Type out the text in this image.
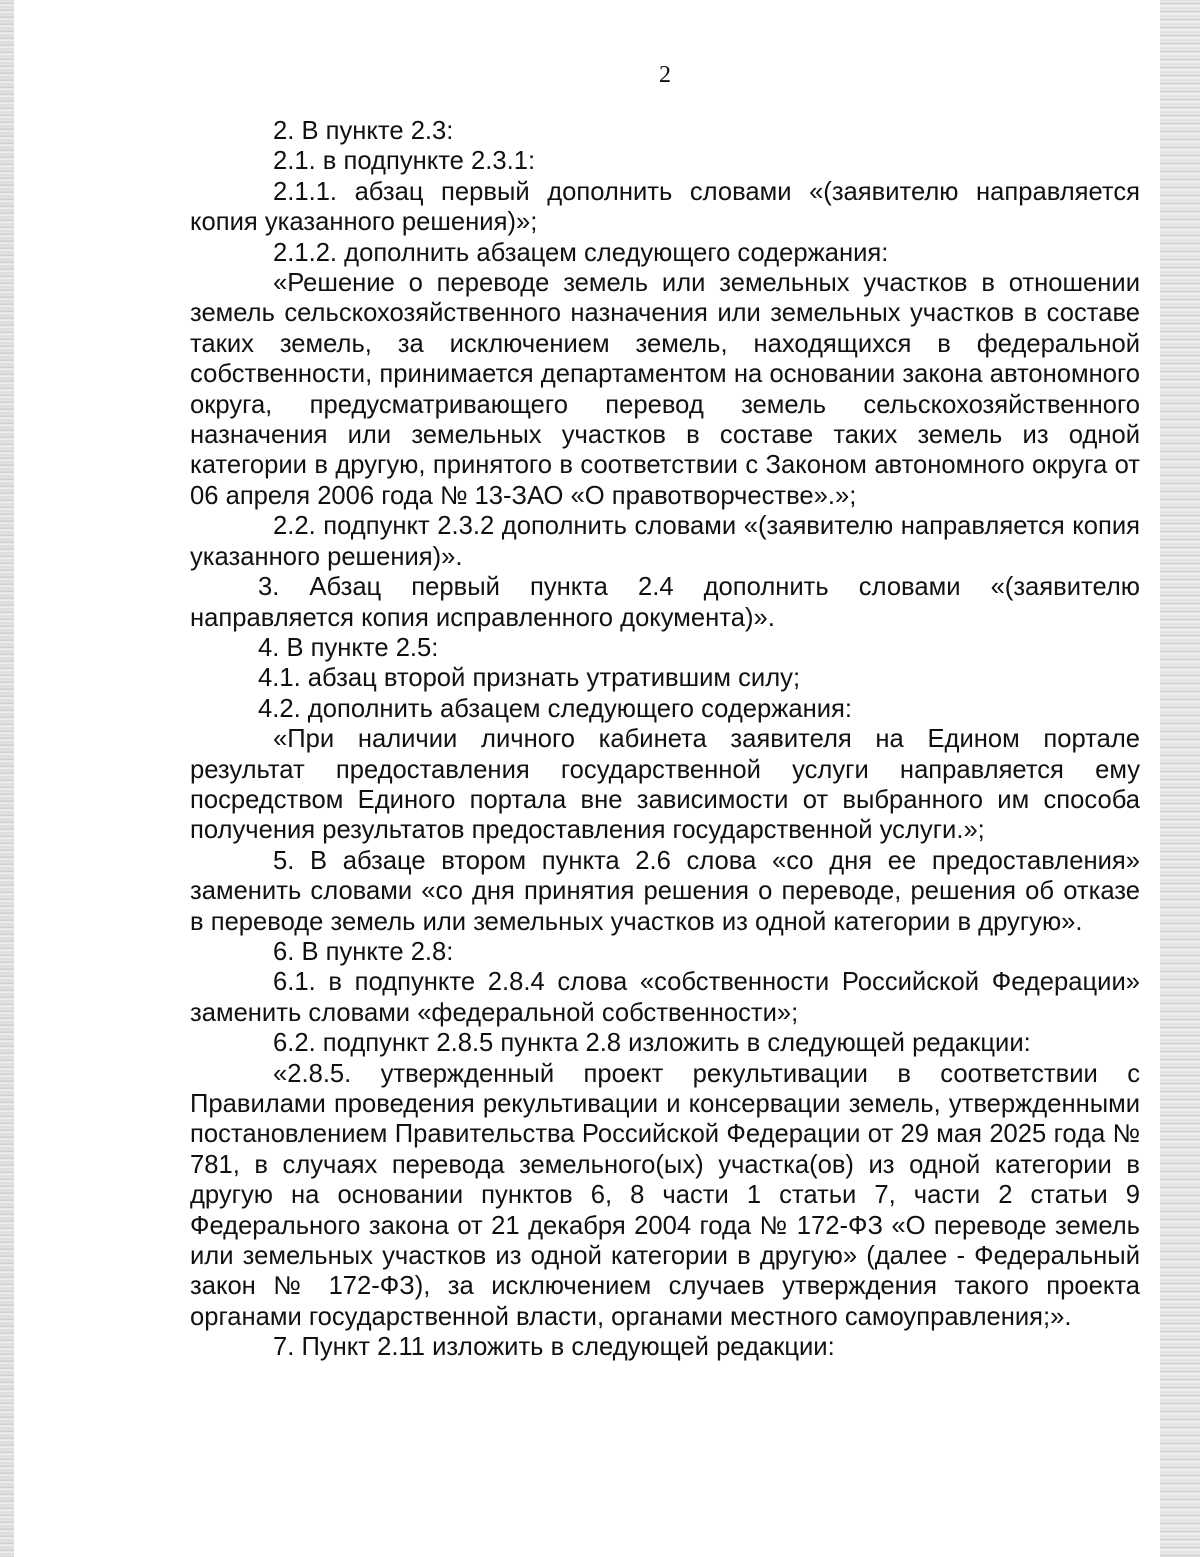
2

2. В пункте 2.3:

2.1. в подпункте 2.3.1:

2.1.1. абзац первый дополнить словами «(заявителю направляется копия указанного решения)»;

2.1.2. дополнить абзацем следующего содержания:

«Решение о переводе земель или земельных участков в отношении земель сельскохозяйственного назначения или земельных участков в составе таких земель, за исключением земель, находящихся в федеральной собственности, принимается департаментом на основании закона автономного округа, предусматривающего перевод земель сельскохозяйственного назначения или земельных участков в составе таких земель из одной категории в другую, принятого в соответствии с Законом автономного округа от 06 апреля 2006 года № 13-ЗАО «О правотворчестве».»;

2.2. подпункт 2.3.2 дополнить словами «(заявителю направляется копия указанного решения)».

3. Абзац первый пункта 2.4 дополнить словами «(заявителю направляется копия исправленного документа)».

4. В пункте 2.5:

4.1. абзац второй признать утратившим силу;

4.2. дополнить абзацем следующего содержания:

«При наличии личного кабинета заявителя на Едином портале результат предоставления государственной услуги направляется ему посредством Единого портала вне зависимости от выбранного им способа получения результатов предоставления государственной услуги.»;

5. В абзаце втором пункта 2.6 слова «со дня ее предоставления» заменить словами «со дня принятия решения о переводе, решения об отказе в переводе земель или земельных участков из одной категории в другую».

6. В пункте 2.8:

6.1. в подпункте 2.8.4 слова «собственности Российской Федерации» заменить словами «федеральной собственности»;

6.2. подпункт 2.8.5 пункта 2.8 изложить в следующей редакции:

«2.8.5. утвержденный проект рекультивации в соответствии с Правилами проведения рекультивации и консервации земель, утвержденными постановлением Правительства Российской Федерации от 29 мая 2025 года № 781, в случаях перевода земельного(ых) участка(ов) из одной категории в другую на основании пунктов 6, 8 части 1 статьи 7, части 2 статьи 9 Федерального закона от 21 декабря 2004 года № 172-ФЗ «О переводе земель или земельных участков из одной категории в другую» (далее - Федеральный закон № 172-ФЗ), за исключением случаев утверждения такого проекта органами государственной власти, органами местного самоуправления;».

7. Пункт 2.11 изложить в следующей редакции:
